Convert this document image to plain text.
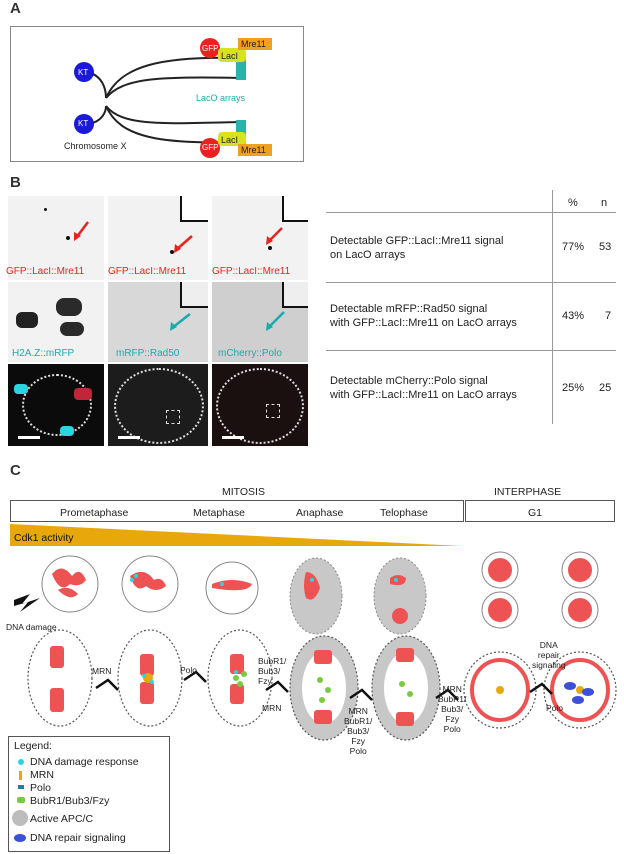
A
KT
KT
GFP
GFP
LacI
LacI
Mre11
Mre11
LacO arrays
Chromosome X
B
GFP::LacI::Mre11 GFP::LacI::Mre11	GFP::LacI::Mre11
H2A.Z::mRFP	mRFP::Rad50	mCherry::Polo
% n
Detectable GFP::LacI::Mre11 signal
on LacO arrays
77% 53
Detectable mRFP::Rad50 signal
with GFP::LacI::Mre11 on LacO arrays
43% 7
Detectable mCherry::Polo signal
with GFP::LacI::Mre11 on LacO arrays
25% 25
C
MITOSIS	INTERPHASE
Prometaphase	Metaphase	Anaphase	Telophase	G1
Cdk1 activity
DNA damage
MRN	Polo
BubR1/
Bub3/
Fzy
MRN	MRN
BubR1/
Bub3/
Fzy
Polo
MRN
BubR1/
Bub3/
Fzy
Polo
DNA
repair
signaling
Polo
Legend:
DNA damage response
MRN
Polo
BubR1/Bub3/Fzy
Active APC/C
DNA repair signaling
